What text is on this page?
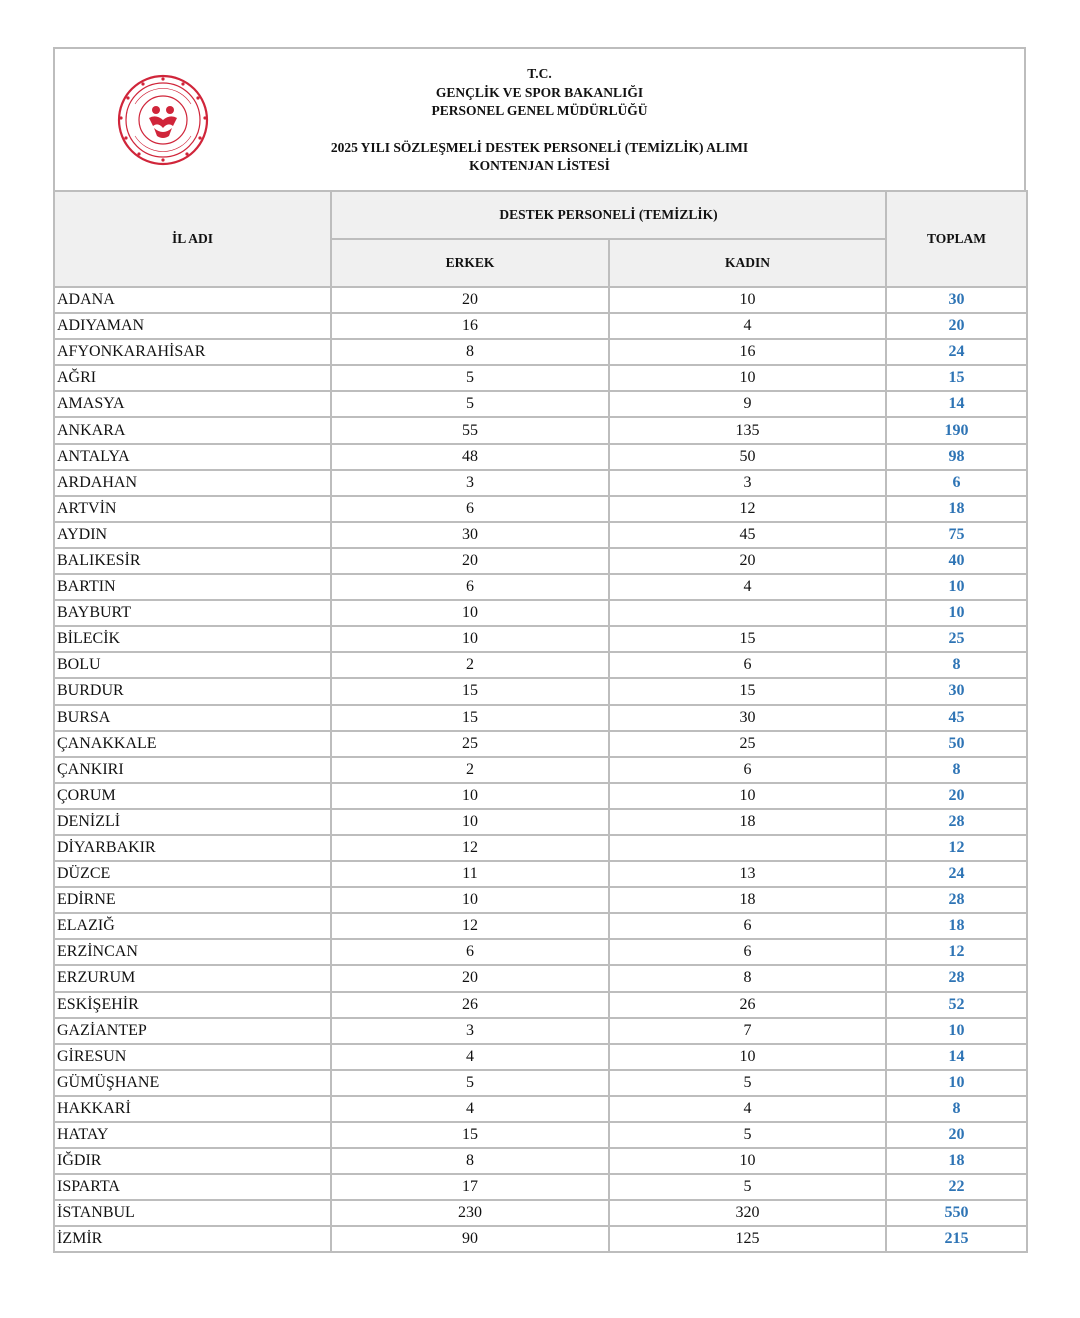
T.C.
GENÇLİK VE SPOR BAKANLIĞI
PERSONEL GENEL MÜDÜRLÜĞÜ
2025 YILI SÖZLEŞMELİ DESTEK PERSONELİ (TEMİZLİK) ALIMI
KONTENJAN LİSTESİ
İL ADI	DESTEK PERSONELİ (TEMİZLİK)		TOPLAM
	ERKEK	KADIN	
ADANA	20	10	30
ADIYAMAN	16	4	20
AFYONKARAHİSAR	8	16	24
AĞRI	5	10	15
AMASYA	5	9	14
ANKARA	55	135	190
ANTALYA	48	50	98
ARDAHAN	3	3	6
ARTVİN	6	12	18
AYDIN	30	45	75
BALIKESİR	20	20	40
BARTIN	6	4	10
BAYBURT	10		10
BİLECİK	10	15	25
BOLU	2	6	8
BURDUR	15	15	30
BURSA	15	30	45
ÇANAKKALE	25	25	50
ÇANKIRI	2	6	8
ÇORUM	10	10	20
DENİZLİ	10	18	28
DİYARBAKIR	12		12
DÜZCE	11	13	24
EDİRNE	10	18	28
ELAZIĞ	12	6	18
ERZİNCAN	6	6	12
ERZURUM	20	8	28
ESKİŞEHİR	26	26	52
GAZİANTEP	3	7	10
GİRESUN	4	10	14
GÜMÜŞHANE	5	5	10
HAKKARİ	4	4	8
HATAY	15	5	20
IĞDIR	8	10	18
ISPARTA	17	5	22
İSTANBUL	230	320	550
İZMİR	90	125	215
